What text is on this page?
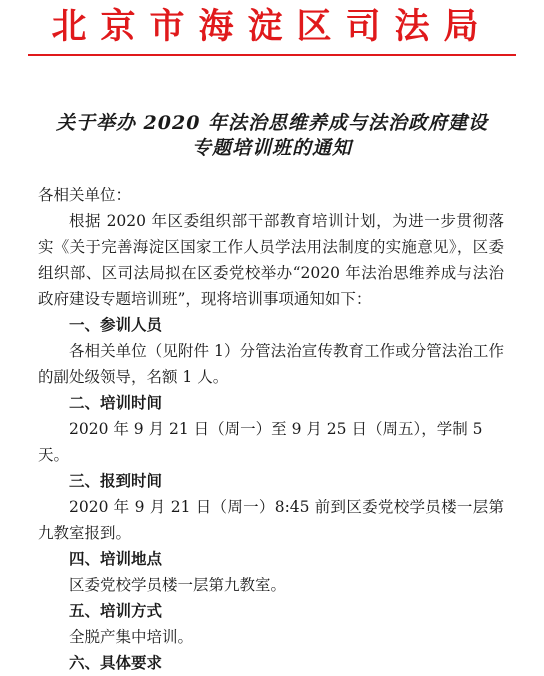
北京市海淀区司法局
关于举办 2020 年法治思维养成与法治政府建设
专题培训班的通知

各相关单位：

根据 2020 年区委组织部干部教育培训计划，为进一步贯彻落实《关于完善海淀区国家工作人员学法用法制度的实施意见》，区委组织部、区司法局拟在区委党校举办“2020 年法治思维养成与法治政府建设专题培训班”，现将培训事项通知如下：

一、参训人员

各相关单位（见附件 1）分管法治宣传教育工作或分管法治工作的副处级领导，名额 1 人。

二、培训时间

2020 年 9 月 21 日（周一）至 9 月 25 日（周五），学制 5 天。

三、报到时间

2020 年 9 月 21 日（周一）8:45 前到区委党校学员楼一层第九教室报到。

四、培训地点

区委党校学员楼一层第九教室。

五、培训方式

全脱产集中培训。

六、具体要求
